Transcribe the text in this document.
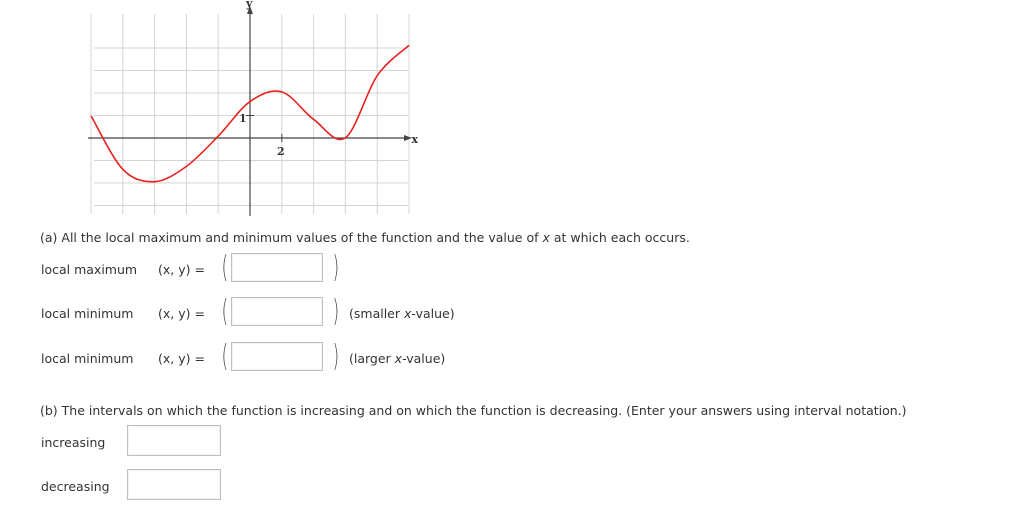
y
x
2
1
(a) All the local maximum and minimum values of the function and the value of x at which each occurs.
local maximum (x, y) = (	)
local minimum (x, y) = (	) (smaller x-value)
local minimum (x, y) = (	) (larger x-value)
(b) The intervals on which the function is increasing and on which the function is decreasing. (Enter your answers using interval notation.)
increasing
decreasing
